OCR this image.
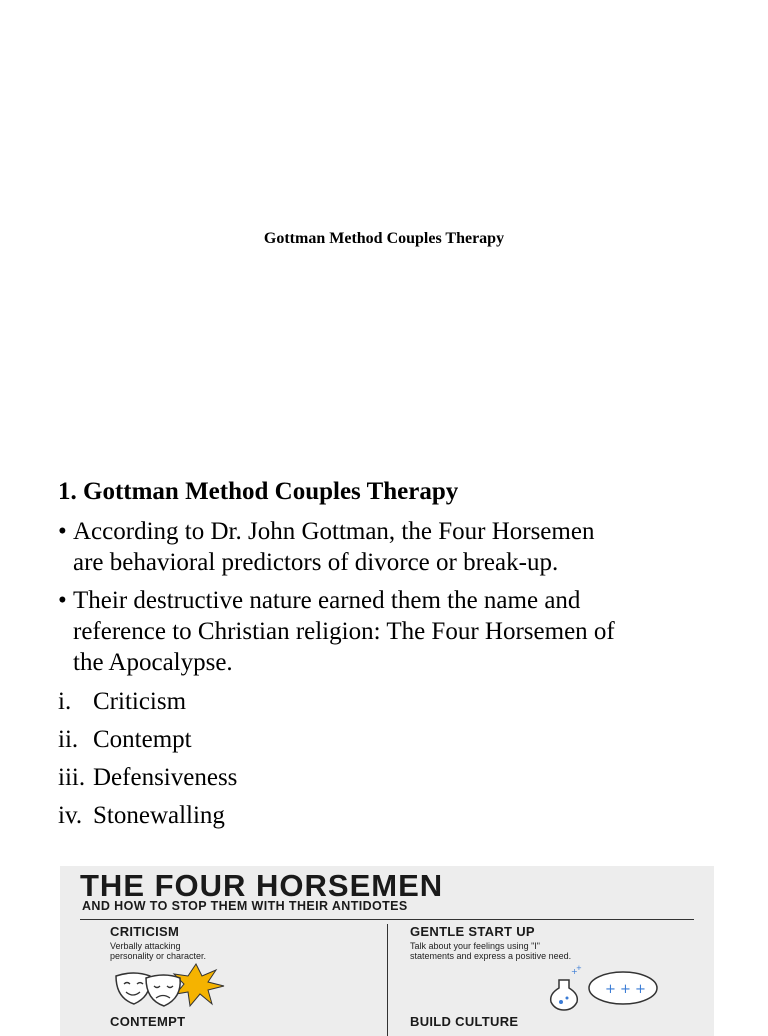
Gottman Method Couples Therapy
1. Gottman Method Couples Therapy
• According to Dr. John Gottman, the Four Horsemen
are behavioral predictors of divorce or break-up.
• Their destructive nature earned them the name and
reference to Christian religion: The Four Horsemen of
the Apocalypse.
i. Criticism
ii. Contempt
iii. Defensiveness
iv. Stonewalling
THE FOUR HORSEMEN
AND HOW TO STOP THEM WITH THEIR ANTIDOTES
CRITICISM
Verbally attacking
personality or character.
GENTLE START UP
Talk about your feelings using "I"
statements and express a positive need.
+
+
+ + +
CONTEMPT	BUILD CULTURE
